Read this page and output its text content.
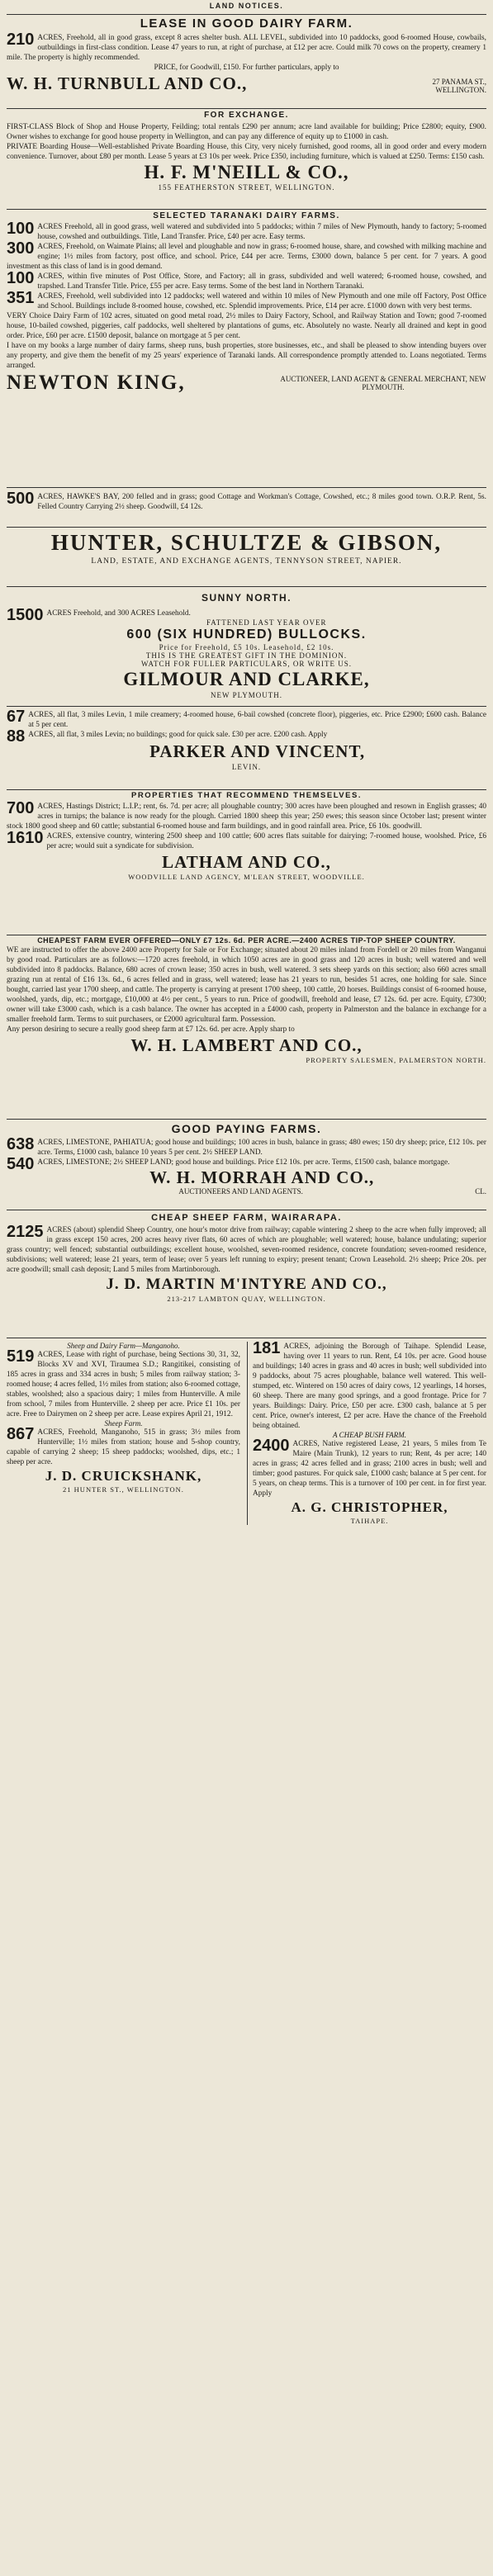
LAND NOTICES.
LEASE IN GOOD DAIRY FARM.

210 ACRES, Freehold, all in good grass, except 8 acres shelter bush. ALL LEVEL, subdivided into 10 paddocks, good 6-roomed House, cowbails, outbuildings in first-class condition. Lease 47 years to run, at right of purchase, at £12 per acre. Could milk 70 cows on the property, creamery 1 mile. The property is highly recommended.

PRICE, for Goodwill, £150. For further particulars, apply to

W. H. TURNBULL AND CO.,	27 PANAMA ST., WELLINGTON.
FOR EXCHANGE.

FIRST-CLASS Block of Shop and House Property, Feilding; total rentals £290 per annum; acre land available for building; Price £2800; equity, £900. Owner wishes to exchange for good house property in Wellington, and can pay any difference of equity up to £1000 in cash.

PRIVATE Boarding House—Well-established Private Boarding House, this City, very nicely furnished, good rooms, all in good order and every modern convenience. Turnover, about £80 per month. Lease 5 years at £3 10s per week. Price £350, including furniture, which is valued at £250. Terms: £150 cash.

H. F. M'NEILL & CO.,
155 FEATHERSTON STREET, WELLINGTON.
SELECTED TARANAKI DAIRY FARMS.

100 ACRES Freehold, all in good grass, well watered and subdivided into 5 paddocks; within 7 miles of New Plymouth, handy to factory; 5-roomed house, cowshed and outbuildings. Title, Land Transfer. Price, £40 per acre. Easy terms.

300 ACRES, Freehold, on Waimate Plains; all level and ploughable and now in grass; 6-roomed house, share, and cowshed with milking machine and engine; 1½ miles from factory, post office, and school. Price, £44 per acre. Terms, £3000 down, balance 5 per cent. for 7 years. A good investment as this class of land is in good demand.

100 ACRES, within five minutes of Post Office, Store, and Factory; all in grass, subdivided and well watered; 6-roomed house, cowshed, and trapshed. Land Transfer Title. Price, £55 per acre. Easy terms. Some of the best land in Northern Taranaki.

351 ACRES, Freehold, well subdivided into 12 paddocks; well watered and within 10 miles of New Plymouth and one mile off Factory, Post Office and School. Buildings include 8-roomed house, cowshed, etc. Splendid improvements. Price, £14 per acre. £1000 down with very best terms.

VERY Choice Dairy Farm of 102 acres, situated on good metal road, 2½ miles to Dairy Factory, School, and Railway Station and Town; good 7-roomed house, 10-bailed cowshed, piggeries, calf paddocks, well sheltered by plantations of gums, etc. Absolutely no waste. Nearly all drained and kept in good order. Price, £60 per acre. £1500 deposit, balance on mortgage at 5 per cent.

I have on my books a large number of dairy farms, sheep runs, bush properties, store businesses, etc., and shall be pleased to show intending buyers over any property, and give them the benefit of my 25 years' experience of Taranaki lands. All correspondence promptly attended to. Loans negotiated. Terms arranged.

NEWTON KING,	AUCTIONEER, LAND AGENT & GENERAL MERCHANT, NEW PLYMOUTH.

500 ACRES, HAWKE'S BAY, 200 felled and in grass; good Cottage and Workman's Cottage, Cowshed, etc.; 8 miles good town. O.R.P. Rent, 5s. Felled Country Carrying 2½ sheep. Goodwill, £4 12s.

HUNTER, SCHULTZE & GIBSON,
LAND, ESTATE, AND EXCHANGE AGENTS, TENNYSON STREET, NAPIER.
SUNNY NORTH.

1500 ACRES Freehold, and 300 ACRES Leasehold.

FATTENED LAST YEAR OVER
600 (SIX HUNDRED) BULLOCKS.
Price for Freehold, £5 10s. Leasehold, £2 10s.
THIS IS THE GREATEST GIFT IN THE DOMINION.
WATCH FOR FULLER PARTICULARS, OR WRITE US.
GILMOUR AND CLARKE,
NEW PLYMOUTH.

67 ACRES, all flat, 3 miles Levin, 1 mile creamery; 4-roomed house, 6-bail cowshed (concrete floor), piggeries, etc. Price £2900; £600 cash. Balance at 5 per cent.

88 ACRES, all flat, 3 miles Levin; no buildings; good for quick sale. £30 per acre. £200 cash. Apply

PARKER AND VINCENT,
LEVIN.
PROPERTIES THAT RECOMMEND THEMSELVES.

700 ACRES, Hastings District; L.I.P.; rent, 6s. 7d. per acre; all ploughable country; 300 acres have been ploughed and resown in English grasses; 40 acres in turnips; the balance is now ready for the plough. Carried 1800 sheep this year; 250 ewes; this season since October last; present winter stock 1800 good sheep and 60 cattle; substantial 6-roomed house and farm buildings, and in good rainfall area. Price, £6 10s. goodwill.

1610 ACRES, extensive country, wintering 2500 sheep and 100 cattle; 600 acres flats suitable for dairying; 7-roomed house, woolshed. Price, £6 per acre; would suit a syndicate for subdivision.

LATHAM AND CO.,
WOODVILLE LAND AGENCY, M'LEAN STREET, WOODVILLE.
CHEAPEST FARM EVER OFFERED—ONLY £7 12s. 6d. PER ACRE.—2400 ACRES TIP-TOP SHEEP COUNTRY.

WE are instructed to offer the above 2400 acre Property for Sale or For Exchange; situated about 20 miles inland from Fordell or 20 miles from Wanganui by good road. Particulars are as follows:—1720 acres freehold, in which 1050 acres are in good grass and 120 acres in bush; well watered and well subdivided into 8 paddocks. Balance, 680 acres of crown lease; 350 acres in bush, well watered. 3 sets sheep yards on this section; also 660 acres small grazing run at rental of £16 13s. 6d., 6 acres felled and in grass, well watered; lease has 21 years to run, besides 51 acres, one holding for sale. Since bought, carried last year 1700 sheep, and cattle. The property is carrying at present 1700 sheep, 100 cattle, 20 horses. Buildings consist of 6-roomed house, woolshed, yards, dip, etc.; mortgage, £10,000 at 4½ per cent., 5 years to run. Price of goodwill, freehold and lease, £7 12s. 6d. per acre. Equity, £7300; owner will take £3000 cash, which is a cash balance. The owner has accepted in a £4000 cash, property in Palmerston and the balance in exchange for a smaller freehold farm. Terms to suit purchasers, or £2000 agricultural farm. Possession.

Any person desiring to secure a really good sheep farm at £7 12s. 6d. per acre. Apply sharp to

W. H. LAMBERT AND CO.,
PROPERTY SALESMEN, PALMERSTON NORTH.
GOOD PAYING FARMS.

638 ACRES, LIMESTONE, PAHIATUA; good house and buildings; 100 acres in bush, balance in grass; 480 ewes; 150 dry sheep; price, £12 10s. per acre. Terms, £1000 cash, balance 10 years 5 per cent. 2½ SHEEP LAND.

540 ACRES, LIMESTONE; 2½ SHEEP LAND; good house and buildings. Price £12 10s. per acre. Terms, £1500 cash, balance mortgage.

W. H. MORRAH AND CO.,
AUCTIONEERS AND LAND AGENTS.	CL.
CHEAP SHEEP FARM, WAIRARAPA.

2125 ACRES (about) splendid Sheep Country, one hour's motor drive from railway; capable wintering 2 sheep to the acre when fully improved; all in grass except 150 acres, 200 acres heavy river flats, 60 acres of which are ploughable; well watered; house, balance undulating; superior grass country; well fenced; substantial outbuildings; excellent house, woolshed, seven-roomed residence, concrete foundation; seven-roomed residence, subdivisions; well watered; lease 21 years, term of lease; over 5 years left running to expiry; present tenant; Crown Leasehold. 2½ sheep; Price 20s. per acre goodwill; small cash deposit; Land 5 miles from Martinborough.

J. D. MARTIN M'INTYRE AND CO.,
213-217 LAMBTON QUAY, WELLINGTON.
Sheep and Dairy Farm—Manganoho.

519 ACRES, Lease with right of purchase, being Sections 30, 31, 32, Blocks XV and XVI, Tiraumea S.D.; Rangitikei, consisting of 185 acres in grass and 334 acres in bush; 5 miles from railway station; 3-roomed house; 4 acres felled, 1½ miles from station; also 6-roomed cottage, stables, woolshed; also a spacious dairy; 1 miles from Hunterville. A mile from school, 7 miles from Hunterville. 2 sheep per acre. Price £1 10s. per acre. Free to Dairymen on 2 sheep per acre. Lease expires April 21, 1912.

Sheep Farm.

867 ACRES, Freehold, Manganoho, 515 in grass; 3½ miles from Hunterville; 1½ miles from station; house and 5-shop country, capable of carrying 2 sheep; 15 sheep paddocks; woolshed, dips, etc.; 1 sheep per acre.

J. D. CRUICKSHANK,
21 HUNTER ST., WELLINGTON.

181 ACRES, adjoining the Borough of Taihape. Splendid Lease, having over 11 years to run. Rent, £4 10s. per acre. Good house and buildings; 140 acres in grass and 40 acres in bush; well subdivided into 9 paddocks, about 75 acres ploughable, balance well watered. This well-stumped, etc. Wintered on 150 acres of dairy cows, 12 yearlings, 14 horses, 60 sheep. There are many good springs, and a good frontage. Price for 7 years. Buildings: Dairy. Price, £50 per acre. £300 cash, balance at 5 per cent. Price, owner's interest, £2 per acre. Have the chance of the Freehold being obtained.

A CHEAP BUSH FARM.

2400 ACRES, Native registered Lease, 21 years, 5 miles from Te Maire (Main Trunk), 12 years to run; Rent, 4s per acre; 140 acres in grass; 42 acres felled and in grass; 2100 acres in bush; well and timber; good pastures. For quick sale, £1000 cash; balance at 5 per cent. for 5 years, on cheap terms. This is a turnover of 100 per cent. in for first year. Apply

A. G. CHRISTOPHER,
TAIHAPE.
